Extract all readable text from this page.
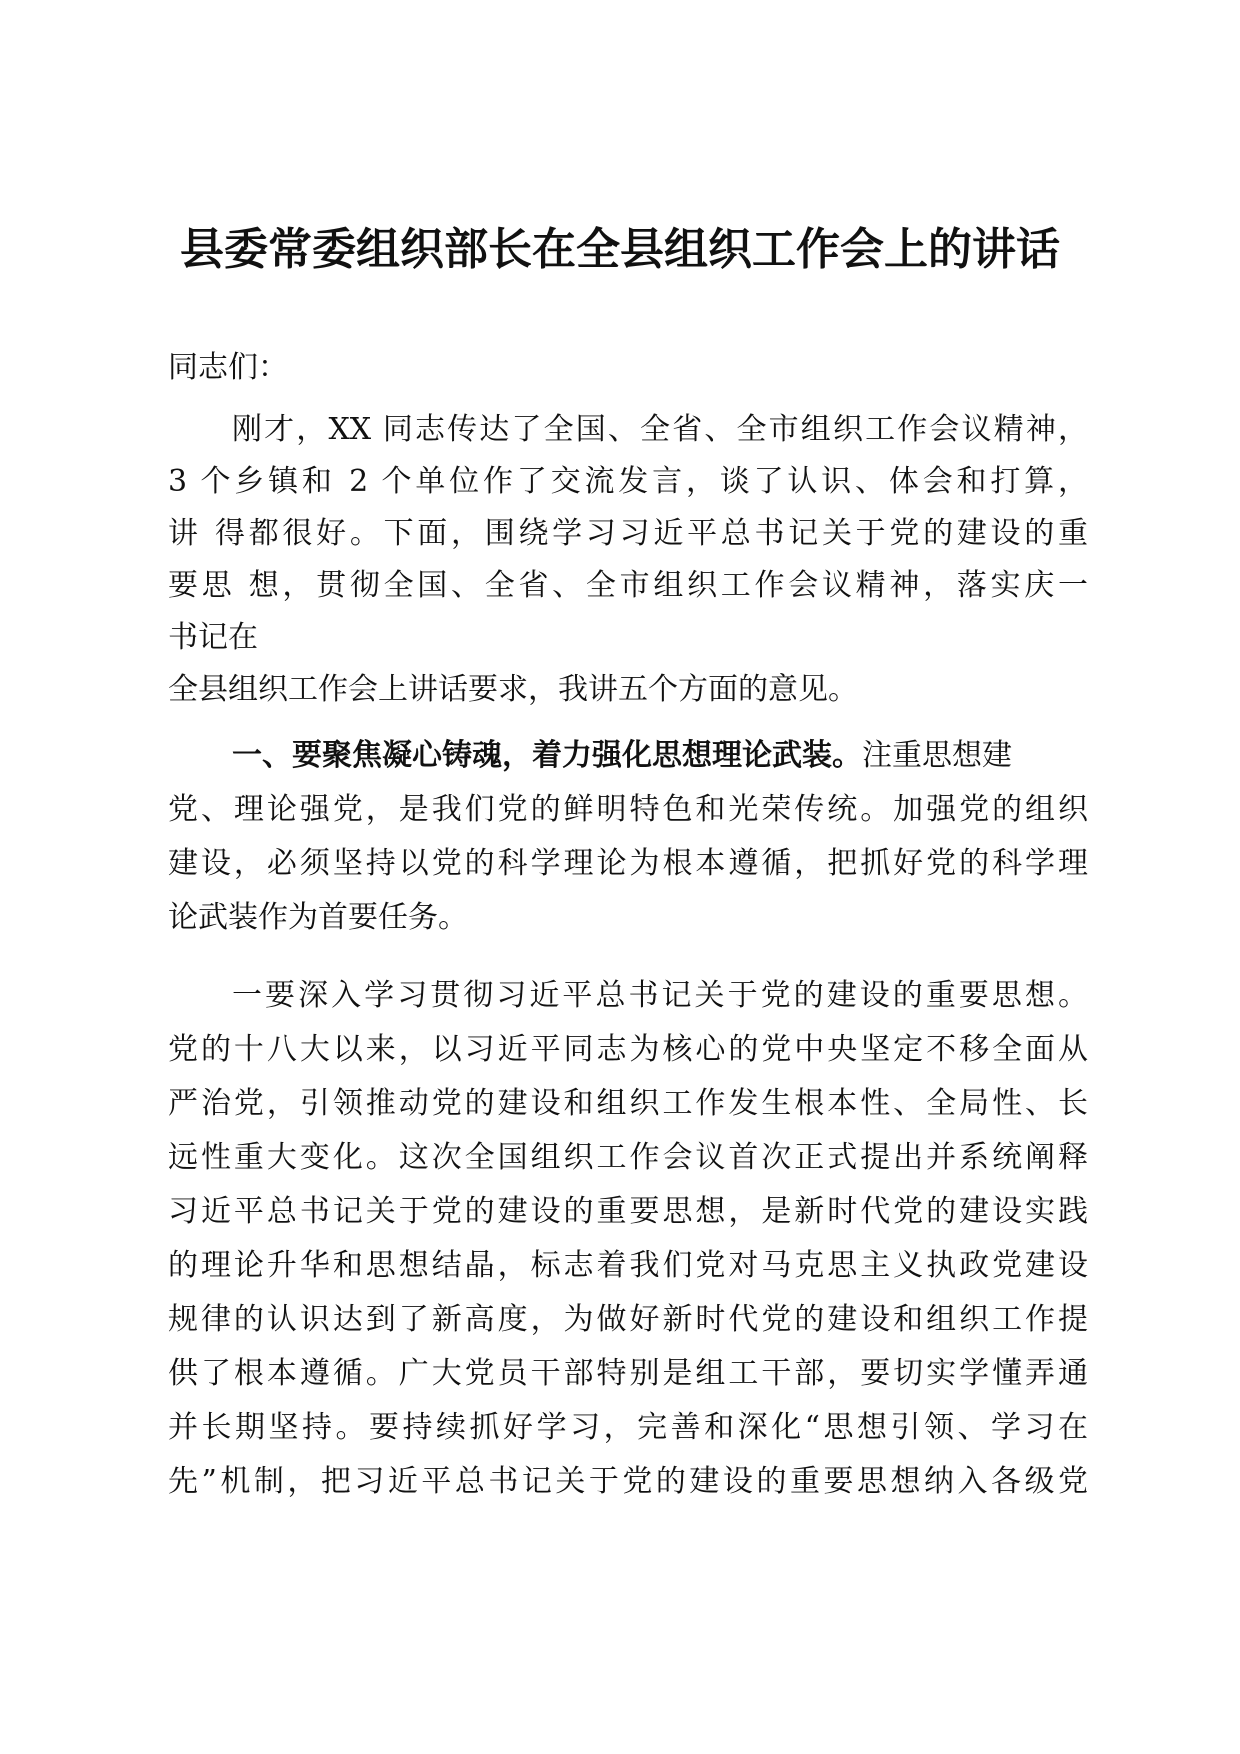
县委常委组织部长在全县组织工作会上的讲话

同志们：

刚才，XX 同志传达了全国、全省、全市组织工作会议精神，

3 个乡镇和 2 个单位作了交流发言，谈了认识、体会和打算，

讲 得都很好。下面，围绕学习习近平总书记关于党的建设的重

要思 想，贯彻全国、全省、全市组织工作会议精神，落实庆一

书记在

全县组织工作会上讲话要求，我讲五个方面的意见。

一、要聚焦凝心铸魂，着力强化思想理论武装。注重思想建

党、理论强党，是我们党的鲜明特色和光荣传统。加强党的组织

建设，必须坚持以党的科学理论为根本遵循，把抓好党的科学理

论武装作为首要任务。

一要深入学习贯彻习近平总书记关于党的建设的重要思想。

党的十八大以来，以习近平同志为核心的党中央坚定不移全面从

严治党，引领推动党的建设和组织工作发生根本性、全局性、长

远性重大变化。这次全国组织工作会议首次正式提出并系统阐释

习近平总书记关于党的建设的重要思想，是新时代党的建设实践

的理论升华和思想结晶，标志着我们党对马克思主义执政党建设

规律的认识达到了新高度，为做好新时代党的建设和组织工作提

供了根本遵循。广大党员干部特别是组工干部，要切实学懂弄通

并长期坚持。要持续抓好学习，完善和深化“思想引领、学习在

先”机制，把习近平总书记关于党的建设的重要思想纳入各级党
